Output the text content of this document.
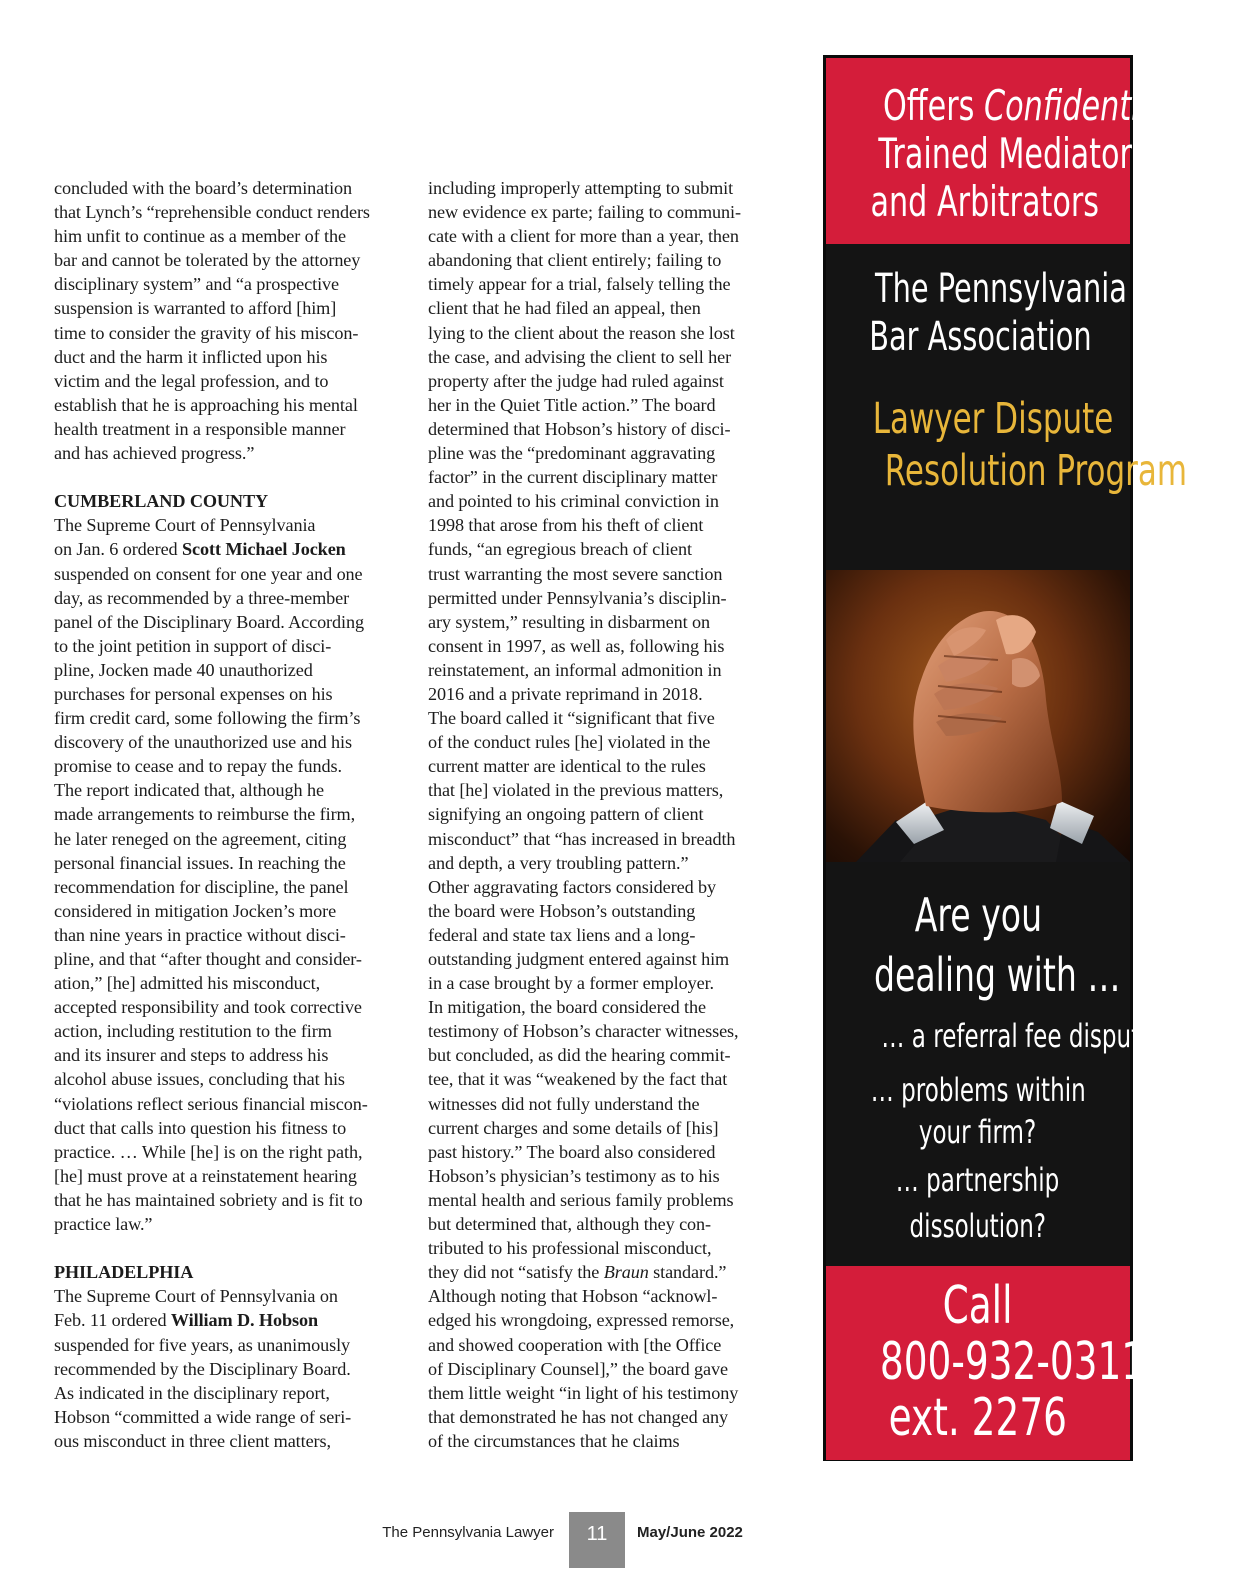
concluded with the board’s determination

that Lynch’s “reprehensible conduct renders

him unfit to continue as a member of the

bar and cannot be tolerated by the attorney

disciplinary system” and “a prospective

suspension is warranted to afford [him]

time to consider the gravity of his miscon-

duct and the harm it inflicted upon his

victim and the legal profession, and to

establish that he is approaching his mental

health treatment in a responsible manner

and has achieved progress.”

CUMBERLAND COUNTY

The Supreme Court of Pennsylvania

on Jan. 6 ordered Scott Michael Jocken

suspended on consent for one year and one

day, as recommended by a three-member

panel of the Disciplinary Board. According

to the joint petition in support of disci-

pline, Jocken made 40 unauthorized

purchases for personal expenses on his

firm credit card, some following the firm’s

discovery of the unauthorized use and his

promise to cease and to repay the funds.

The report indicated that, although he

made arrangements to reimburse the firm,

he later reneged on the agreement, citing

personal financial issues. In reaching the

recommendation for discipline, the panel

considered in mitigation Jocken’s more

than nine years in practice without disci-

pline, and that “after thought and consider-

ation,” [he] admitted his misconduct,

accepted responsibility and took corrective

action, including restitution to the firm

and its insurer and steps to address his

alcohol abuse issues, concluding that his

“violations reflect serious financial miscon-

duct that calls into question his fitness to

practice. … While [he] is on the right path,

[he] must prove at a reinstatement hearing

that he has maintained sobriety and is fit to

practice law.”

PHILADELPHIA

The Supreme Court of Pennsylvania on

Feb. 11 ordered William D. Hobson

suspended for five years, as unanimously

recommended by the Disciplinary Board.

As indicated in the disciplinary report,

Hobson “committed a wide range of seri-

ous misconduct in three client matters,

including improperly attempting to submit

new evidence ex parte; failing to communi-

cate with a client for more than a year, then

abandoning that client entirely; failing to

timely appear for a trial, falsely telling the

client that he had filed an appeal, then

lying to the client about the reason she lost

the case, and advising the client to sell her

property after the judge had ruled against

her in the Quiet Title action.” The board

determined that Hobson’s history of disci-

pline was the “predominant aggravating

factor” in the current disciplinary matter

and pointed to his criminal conviction in

1998 that arose from his theft of client

funds, “an egregious breach of client

trust warranting the most severe sanction

permitted under Pennsylvania’s disciplin-

ary system,” resulting in disbarment on

consent in 1997, as well as, following his

reinstatement, an informal admonition in

2016 and a private reprimand in 2018.

The board called it “significant that five

of the conduct rules [he] violated in the

current matter are identical to the rules

that [he] violated in the previous matters,

signifying an ongoing pattern of client

misconduct” that “has increased in breadth

and depth, a very troubling pattern.”

Other aggravating factors considered by

the board were Hobson’s outstanding

federal and state tax liens and a long-

outstanding judgment entered against him

in a case brought by a former employer.

In mitigation, the board considered the

testimony of Hobson’s character witnesses,

but concluded, as did the hearing commit-

tee, that it was “weakened by the fact that

witnesses did not fully understand the

current charges and some details of [his]

past history.” The board also considered

Hobson’s physician’s testimony as to his

mental health and serious family problems

but determined that, although they con-

tributed to his professional misconduct,

they did not “satisfy the Braun standard.”

Although noting that Hobson “acknowl-

edged his wrongdoing, expressed remorse,

and showed cooperation with [the Office

of Disciplinary Counsel],” the board gave

them little weight “in light of his testimony

that demonstrated he has not changed any

of the circumstances that he claims

Offers Confidential,
Trained Mediators
and Arbitrators
The Pennsylvania
Bar Association
Lawyer Dispute
Resolution Program
Are you
dealing with …
… a referral fee dispute?
… problems within
your firm?
… partnership
dissolution?
Call
800-932-0311,
ext. 2276
The Pennsylvania Lawyer	11	May/June 2022
